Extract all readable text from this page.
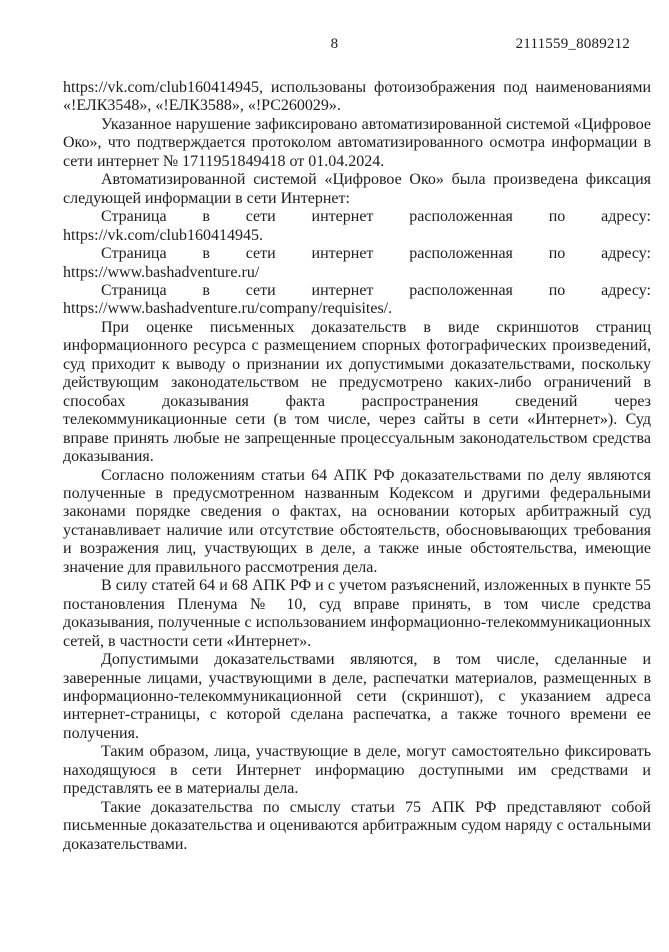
8	2111559_8089212

https://vk.com/club160414945, использованы фотоизображения под наименованиями «!ЕЛК3548», «!ЕЛК3588», «!РС260029».

Указанное нарушение зафиксировано автоматизированной системой «Цифровое Око», что подтверждается протоколом автоматизированного осмотра информации в сети интернет № 1711951849418 от 01.04.2024.

Автоматизированной системой «Цифровое Око» была произведена фиксация следующей информации в сети Интернет:

Страница в сети интернет расположенная по адресу:
https://vk.com/club160414945.

Страница в сети интернет расположенная по адресу:
https://www.bashadventure.ru/

Страница в сети интернет расположенная по адресу:
https://www.bashadventure.ru/company/requisites/.

При оценке письменных доказательств в виде скриншотов страниц информационного ресурса с размещением спорных фотографических произведений, суд приходит к выводу о признании их допустимыми доказательствами, поскольку действующим законодательством не предусмотрено каких-либо ограничений в способах доказывания факта распространения сведений через телекоммуникационные сети (в том числе, через сайты в сети «Интернет»). Суд вправе принять любые не запрещенные процессуальным законодательством средства доказывания.

Согласно положениям статьи 64 АПК РФ доказательствами по делу являются полученные в предусмотренном названным Кодексом и другими федеральными законами порядке сведения о фактах, на основании которых арбитражный суд устанавливает наличие или отсутствие обстоятельств, обосновывающих требования и возражения лиц, участвующих в деле, а также иные обстоятельства, имеющие значение для правильного рассмотрения дела.

В силу статей 64 и 68 АПК РФ и с учетом разъяснений, изложенных в пункте 55 постановления Пленума № 10, суд вправе принять, в том числе средства доказывания, полученные с использованием информационно-телекоммуникационных сетей, в частности сети «Интернет».

Допустимыми доказательствами являются, в том числе, сделанные и заверенные лицами, участвующими в деле, распечатки материалов, размещенных в информационно-телекоммуникационной сети (скриншот), с указанием адреса интернет-страницы, с которой сделана распечатка, а также точного времени ее получения.

Таким образом, лица, участвующие в деле, могут самостоятельно фиксировать находящуюся в сети Интернет информацию доступными им средствами и представлять ее в материалы дела.

Такие доказательства по смыслу статьи 75 АПК РФ представляют собой письменные доказательства и оцениваются арбитражным судом наряду с остальными доказательствами.
